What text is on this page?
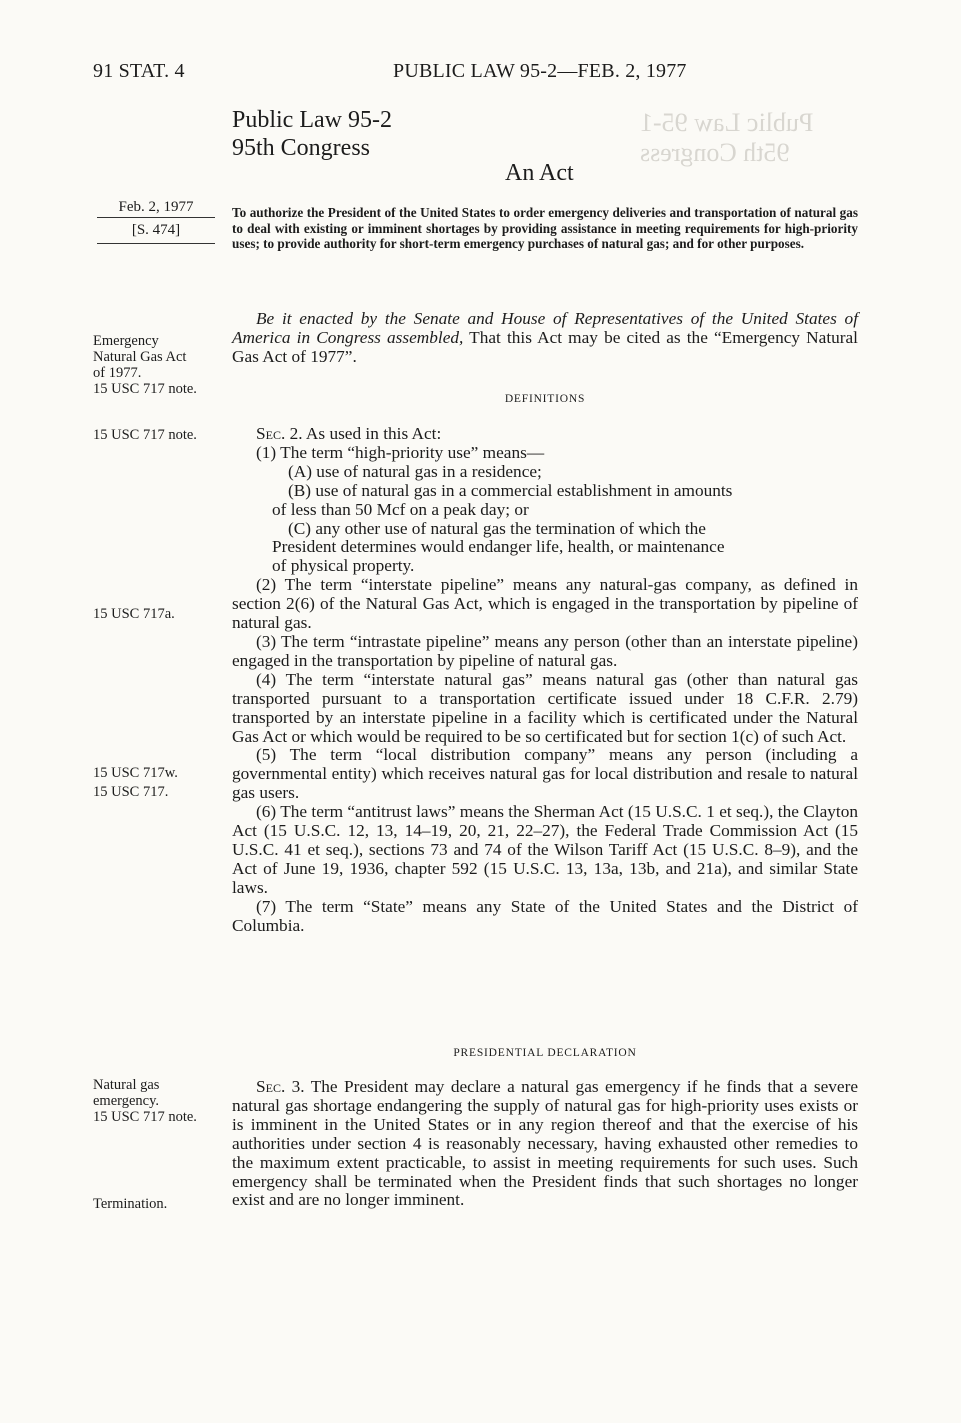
Public Law 95-1
95th Congress
91 STAT. 4	PUBLIC LAW 95-2—FEB. 2, 1977
Public Law 95-2
95th Congress
An Act
Feb. 2, 1977 [S. 474]
To authorize the President of the United States to order emergency deliveries and transportation of natural gas to deal with existing or imminent shortages by providing assistance in meeting requirements for high-priority uses; to provide authority for short-term emergency purchases of natural gas; and for other purposes.

Be it enacted by the Senate and House of Representatives of the United States of America in Congress assembled, That this Act may be cited as the “Emergency Natural Gas Act of 1977”.

Emergency
Natural Gas Act
of 1977.
15 USC 717 note.
15 USC 717 note.
15 USC 717a.
15 USC 717w.
15 USC 717.
Natural gas
emergency.
15 USC 717 note.
Termination.
DEFINITIONS

Sec. 2. As used in this Act:

(1) The term “high-priority use” means—

(A) use of natural gas in a residence;

(B) use of natural gas in a commercial establishment in amounts

of less than 50 Mcf on a peak day; or

(C) any other use of natural gas the termination of which the

President determines would endanger life, health, or maintenance

of physical property.

(2) The term “interstate pipeline” means any natural-gas company, as defined in section 2(6) of the Natural Gas Act, which is engaged in the transportation by pipeline of natural gas.

(3) The term “intrastate pipeline” means any person (other than an interstate pipeline) engaged in the transportation by pipeline of natural gas.

(4) The term “interstate natural gas” means natural gas (other than natural gas transported pursuant to a transportation certificate issued under 18 C.F.R. 2.79) transported by an interstate pipeline in a facility which is certificated under the Natural Gas Act or which would be required to be so certificated but for section 1(c) of such Act.

(5) The term “local distribution company” means any person (including a governmental entity) which receives natural gas for local distribution and resale to natural gas users.

(6) The term “antitrust laws” means the Sherman Act (15 U.S.C. 1 et seq.), the Clayton Act (15 U.S.C. 12, 13, 14–19, 20, 21, 22–27), the Federal Trade Commission Act (15 U.S.C. 41 et seq.), sections 73 and 74 of the Wilson Tariff Act (15 U.S.C. 8–9), and the Act of June 19, 1936, chapter 592 (15 U.S.C. 13, 13a, 13b, and 21a), and similar State laws.

(7) The term “State” means any State of the United States and the District of Columbia.

PRESIDENTIAL DECLARATION

Sec. 3. The President may declare a natural gas emergency if he finds that a severe natural gas shortage endangering the supply of natural gas for high-priority uses exists or is imminent in the United States or in any region thereof and that the exercise of his authorities under section 4 is reasonably necessary, having exhausted other remedies to the maximum extent practicable, to assist in meeting requirements for such uses. Such emergency shall be terminated when the President finds that such shortages no longer exist and are no longer imminent.
